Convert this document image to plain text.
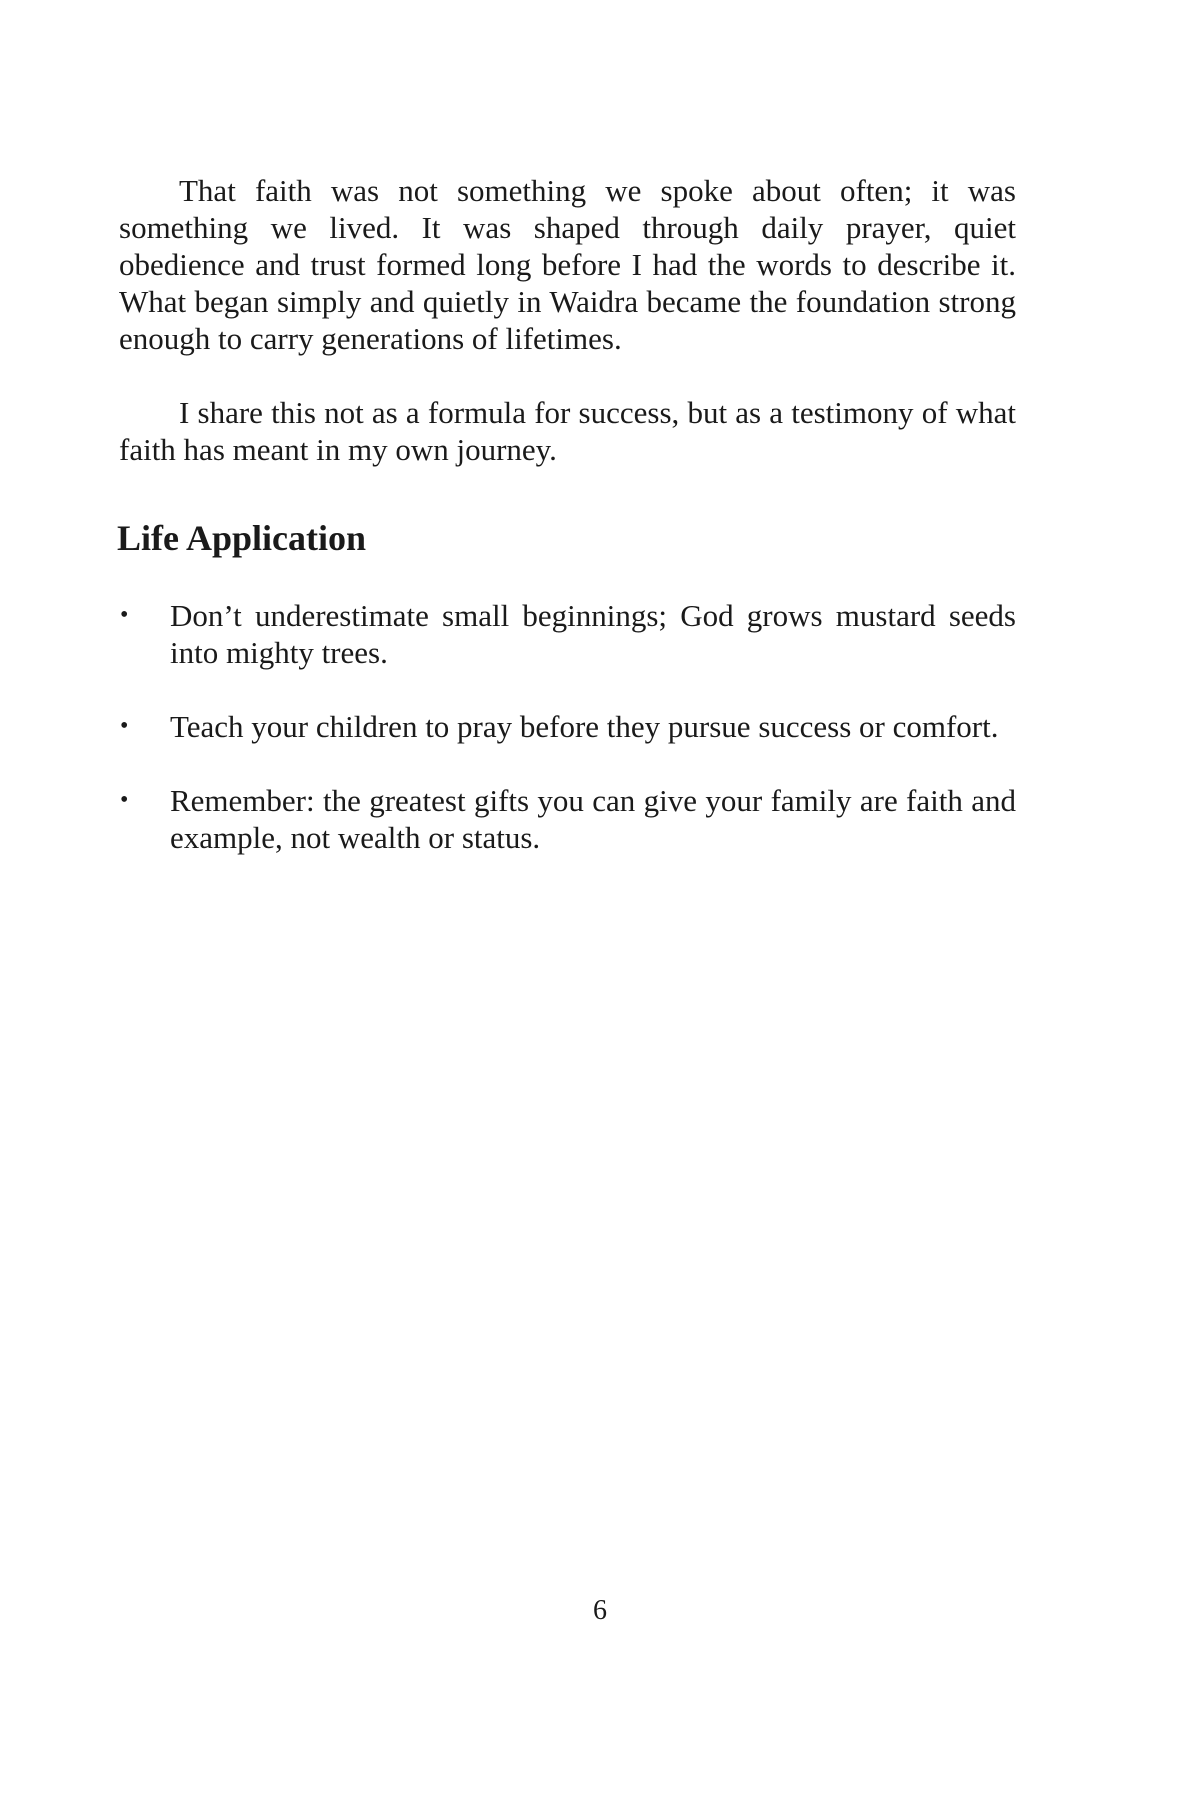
That faith was not something we spoke about often; it was something we lived. It was shaped through daily prayer, quiet obedience and trust formed long before I had the words to describe it. What began simply and quietly in Waidra became the foundation strong enough to carry generations of lifetimes.

I share this not as a formula for success, but as a testimony of what faith has meant in my own journey.

Life Application
• Don’t underestimate small beginnings; God grows mustard seeds into mighty trees.
• Teach your children to pray before they pursue success or comfort.
• Remember: the greatest gifts you can give your family are faith and example, not wealth or status.
6
